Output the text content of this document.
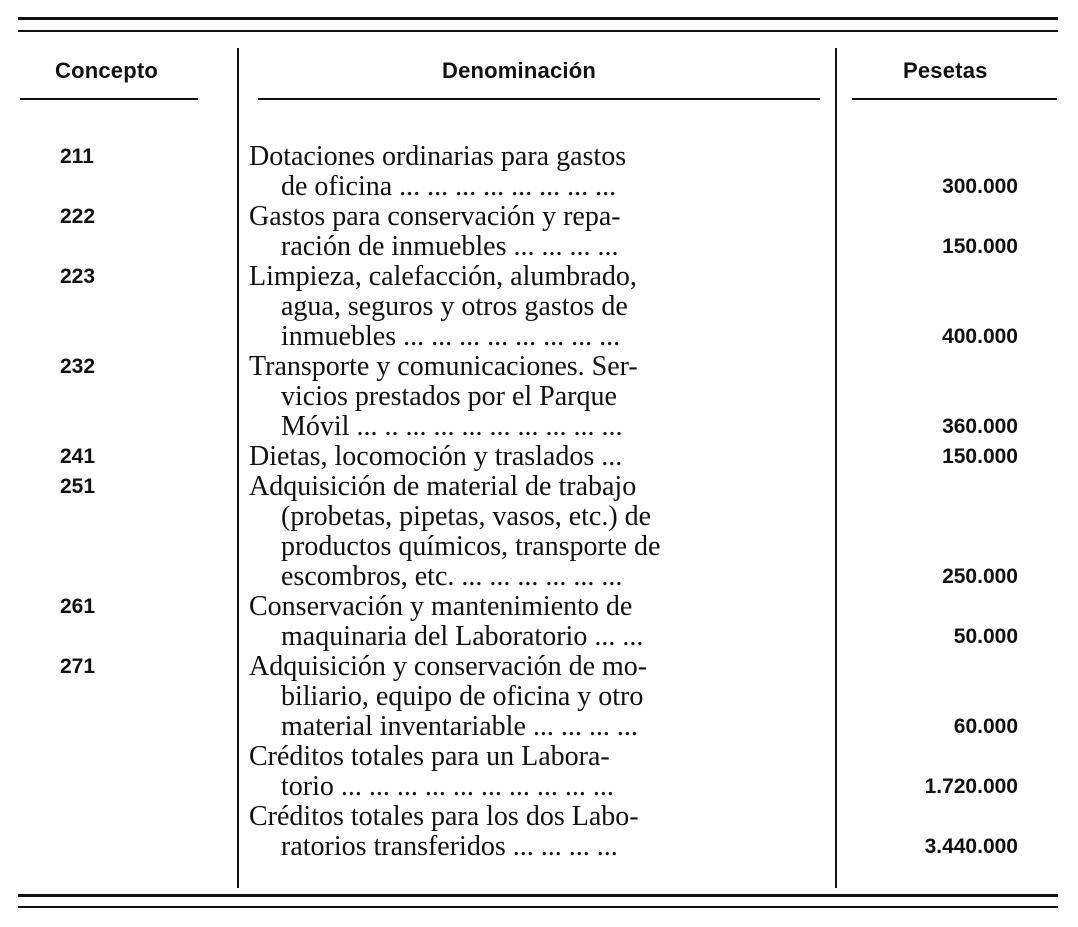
Concepto	Denominación	Pesetas
211
222
223
232
241
251
261
271
Dotaciones ordinarias para gastos
de oficina ... ... ... ... ... ... ... ...
Gastos para conservación y repa-
ración de inmuebles ... ... ... ...
Limpieza, calefacción, alumbrado,
agua, seguros y otros gastos de
inmuebles ... ... ... ... ... ... ... ...
Transporte y comunicaciones. Ser-
vicios prestados por el Parque
Móvil ... .. ... ... ... ... ... ... ... ...
Dietas, locomoción y traslados ...
Adquisición de material de trabajo
(probetas, pipetas, vasos, etc.) de
productos químicos, transporte de
escombros, etc. ... ... ... ... ... ...
Conservación y mantenimiento de
maquinaria del Laboratorio ... ...
Adquisición y conservación de mo-
biliario, equipo de oficina y otro
material inventariable ... ... ... ...
Créditos totales para un Labora-
torio ... ... ... ... ... ... ... ... ... ...
Créditos totales para los dos Labo-
ratorios transferidos ... ... ... ...
300.000
150.000
400.000
360.000
150.000
250.000
50.000
60.000
1.720.000
3.440.000
